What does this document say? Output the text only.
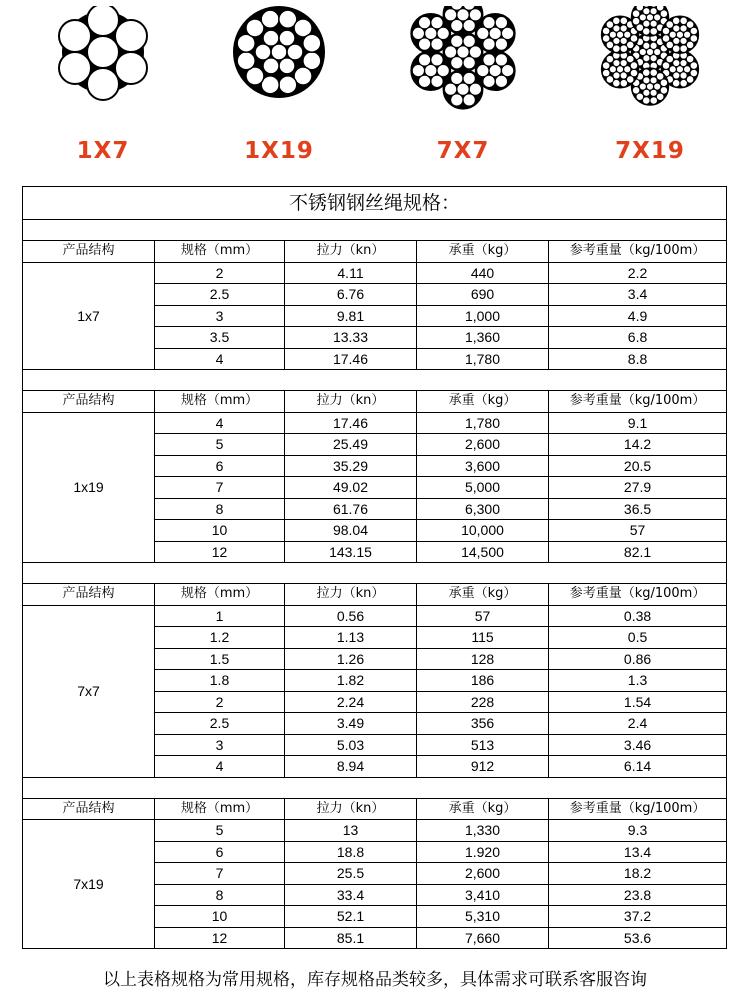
1X7	1X19	7X7	7X19
不锈钢钢丝绳规格：				

产品结构	规格（mm）	拉力（kn）	承重（kg）	参考重量（kg/100m）
1x7	2	4.11	440	2.2
	2.5	6.76	690	3.4
	3	9.81	1,000	4.9
	3.5	13.33	1,360	6.8
	4	17.46	1,780	8.8

产品结构	规格（mm）	拉力（kn）	承重（kg）	参考重量（kg/100m）
1x19	4	17.46	1,780	9.1
	5	25.49	2,600	14.2
	6	35.29	3,600	20.5
	7	49.02	5,000	27.9
	8	61.76	6,300	36.5
	10	98.04	10,000	57
	12	143.15	14,500	82.1

产品结构	规格（mm）	拉力（kn）	承重（kg）	参考重量（kg/100m）
7x7	1	0.56	57	0.38
	1.2	1.13	115	0.5
	1.5	1.26	128	0.86
	1.8	1.82	186	1.3
	2	2.24	228	1.54
	2.5	3.49	356	2.4
	3	5.03	513	3.46
	4	8.94	912	6.14

产品结构	规格（mm）	拉力（kn）	承重（kg）	参考重量（kg/100m）
7x19	5	13	1,330	9.3
	6	18.8	1.920	13.4
	7	25.5	2,600	18.2
	8	33.4	3,410	23.8
	10	52.1	5,310	37.2
	12	85.1	7,660	53.6
以上表格规格为常用规格，库存规格品类较多，具体需求可联系客服咨询
